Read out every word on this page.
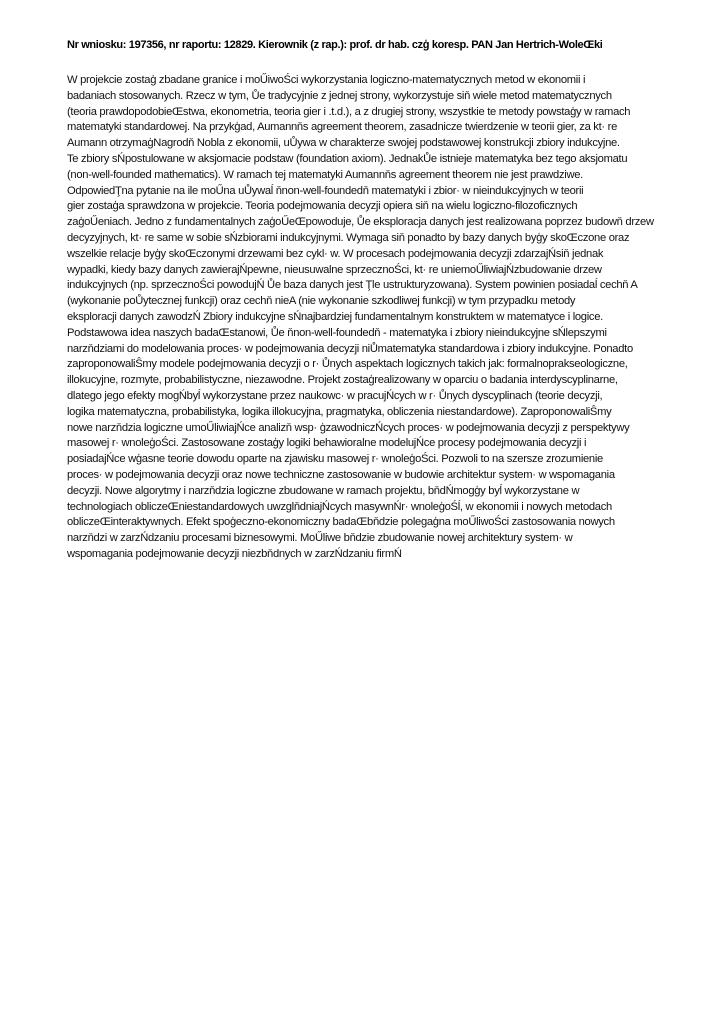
Nr wniosku: 197356, nr raportu: 12829. Kierownik (z rap.): prof. dr hab. czģ koresp. PAN Jan Hertrich-WoleŒki
W projekcie zostaģ zbadane granice i moŰiwoŚci wykorzystania logiczno-matematycznych metod w ekonomii i
badaniach stosowanych. Rzecz w tym, Ůe tradycyjnie z jednej strony, wykorzystuje siň wiele metod matematycznych
(teoria prawdopodobieŒstwa, ekonometria, teoria gier i .t.d.), a z drugiej strony, wszystkie te metody powstaģy w ramach
matematyki standardowej. Na przykģad, Aumannňs agreement theorem, zasadnicze twierdzenie w teorii gier, za kt· re
Aumann otrzymaģNagrodň Nobla z ekonomii, uŮywa w charakterze swojej podstawowej konstrukcji zbiory indukcyjne.
Te zbiory sŃpostulowane w aksjomacie podstaw (foundation axiom). JednakŮe istnieje matematyka bez tego aksjomatu
(non-well-founded mathematics). W ramach tej matematyki Aumannňs agreement theorem nie jest prawdziwe.
OdpowiedŢna pytanie na ile moŰna uŮywaĺ ňnon-well-foundedň matematyki i zbior· w nieindukcyjnych w teorii
gier zostaģa sprawdzona w projekcie. Teoria podejmowania decyzji opiera siň na wielu logiczno-filozoficznych
zaģoŰeniach. Jedno z fundamentalnych zaģoŰeŒpowoduje, Ůe eksploracja danych jest realizowana poprzez budowň drzew
decyzyjnych, kt· re same w sobie sŃzbiorami indukcyjnymi. Wymaga siň ponadto by bazy danych byģy skoŒczone oraz
wszelkie relacje byģy skoŒczonymi drzewami bez cykl· w. W procesach podejmowania decyzji zdarzajŃsiň jednak
wypadki, kiedy bazy danych zawierajŃpewne, nieusuwalne sprzecznoŚci, kt· re uniemoŰliwiajŃzbudowanie drzew
indukcyjnych (np. sprzecznoŚci powodujŃ Ůe baza danych jest Ţle ustrukturyzowana). System powinien posiadaĺ cechň A
(wykonanie poŮytecznej funkcji) oraz cechň nieA (nie wykonanie szkodliwej funkcji) w tym przypadku metody
eksploracji danych zawodzŃ Zbiory indukcyjne sŃnajbardziej fundamentalnym konstruktem w matematyce i logice.
Podstawowa idea naszych badaŒstanowi, Ůe ňnon-well-foundedň - matematyka i zbiory nieindukcyjne sŃlepszymi
narzňdziami do modelowania proces· w podejmowania decyzji niŮmatematyka standardowa i zbiory indukcyjne. Ponadto
zaproponowaliŜmy modele podejmowania decyzji o r· Ůnych aspektach logicznych takich jak: formalnoprakseologiczne,
illokucyjne, rozmyte, probabilistyczne, niezawodne. Projekt zostaģrealizowany w oparciu o badania interdyscyplinarne,
dlatego jego efekty mogŃbyĺ wykorzystane przez naukowc· w pracujŃcych w r· Ůnych dyscyplinach (teorie decyzji,
logika matematyczna, probabilistyka, logika illokucyjna, pragmatyka, obliczenia niestandardowe). ZaproponowaliŜmy
nowe narzňdzia logiczne umoŰliwiajŃce analizň wsp· ģzawodniczŃcych proces· w podejmowania decyzji z perspektywy
masowej r· wnoleģoŚci. Zastosowane zostaģy logiki behawioralne modelujŃce procesy podejmowania decyzji i
posiadajŃce wģasne teorie dowodu oparte na zjawisku masowej r· wnoleģoŚci. Pozwoli to na szersze zrozumienie
proces· w podejmowania decyzji oraz nowe techniczne zastosowanie w budowie architektur system· w wspomagania
decyzji. Nowe algorytmy i narzňdzia logiczne zbudowane w ramach projektu, bňdŃmogģy byĺ wykorzystane w
technologiach obliczeŒniestandardowych uwzglňdniajŃcych masywnŃr· wnoleģoŚĺ, w ekonomii i nowych metodach
obliczeŒinteraktywnych. Efekt spoģeczno-ekonomiczny badaŒbňdzie polegaģna moŰliwoŚci zastosowania nowych
narzňdzi w zarzŃdzaniu procesami biznesowymi. MoŰliwe bňdzie zbudowanie nowej architektury system· w
wspomagania podejmowanie decyzji niezbňdnych w zarzŃdzaniu firmŃ
